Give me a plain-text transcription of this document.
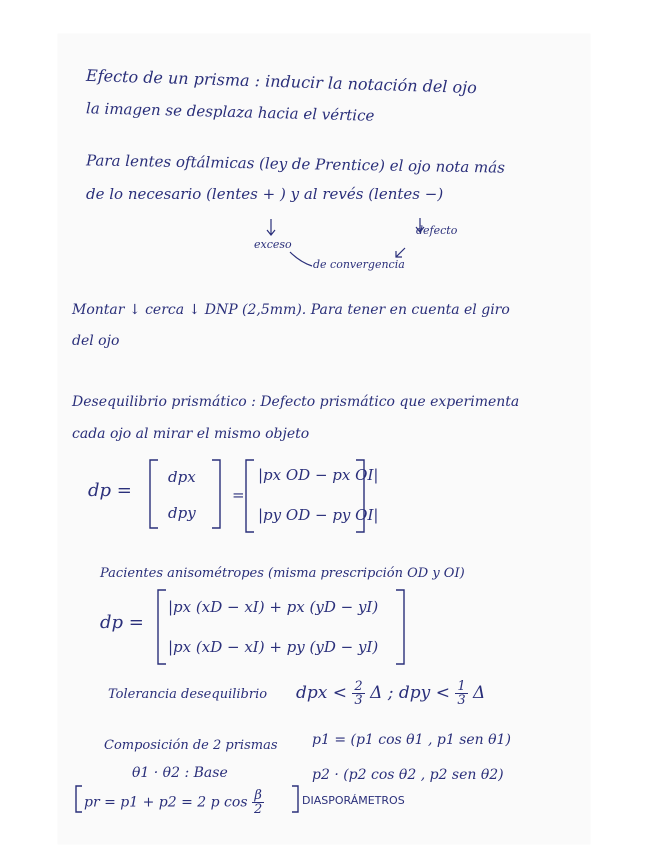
Efecto de un prisma : inducir la notación del ojo
la imagen se desplaza hacia el vértice
Para lentes oftálmicas (ley de Prentice) el ojo nota más
de lo necesario (lentes + ) y al revés (lentes −)
exceso
defecto
de convergencia
Montar ↓ cerca ↓ DNP (2,5mm). Para tener en cuenta el giro
del ojo
Desequilibrio prismático : Defecto prismático que experimenta
cada ojo al mirar el mismo objeto
dp =
dpx
dpy
=
|px OD − px OI|
|py OD − py OI|
Pacientes anisométropes (misma prescripción OD y OI)
dp =
|px (xD − xI) + px (yD − yI)
|px (xD − xI) + py (yD − yI)
Tolerancia desequilibrio dpx < $\frac{2}{3}$ Δ ; dpy < $\frac{1}{3}$ Δ
Composición de 2 prismas p1 = (p1 cos θ1 , p1 sen θ1)
θ1 · θ2 : Base	p2 · (p2 cos θ2 , p2 sen θ2)
pr = p1 + p2 = 2 p $\cos \frac{\beta}{2}$	DIASPORÁMETROS
